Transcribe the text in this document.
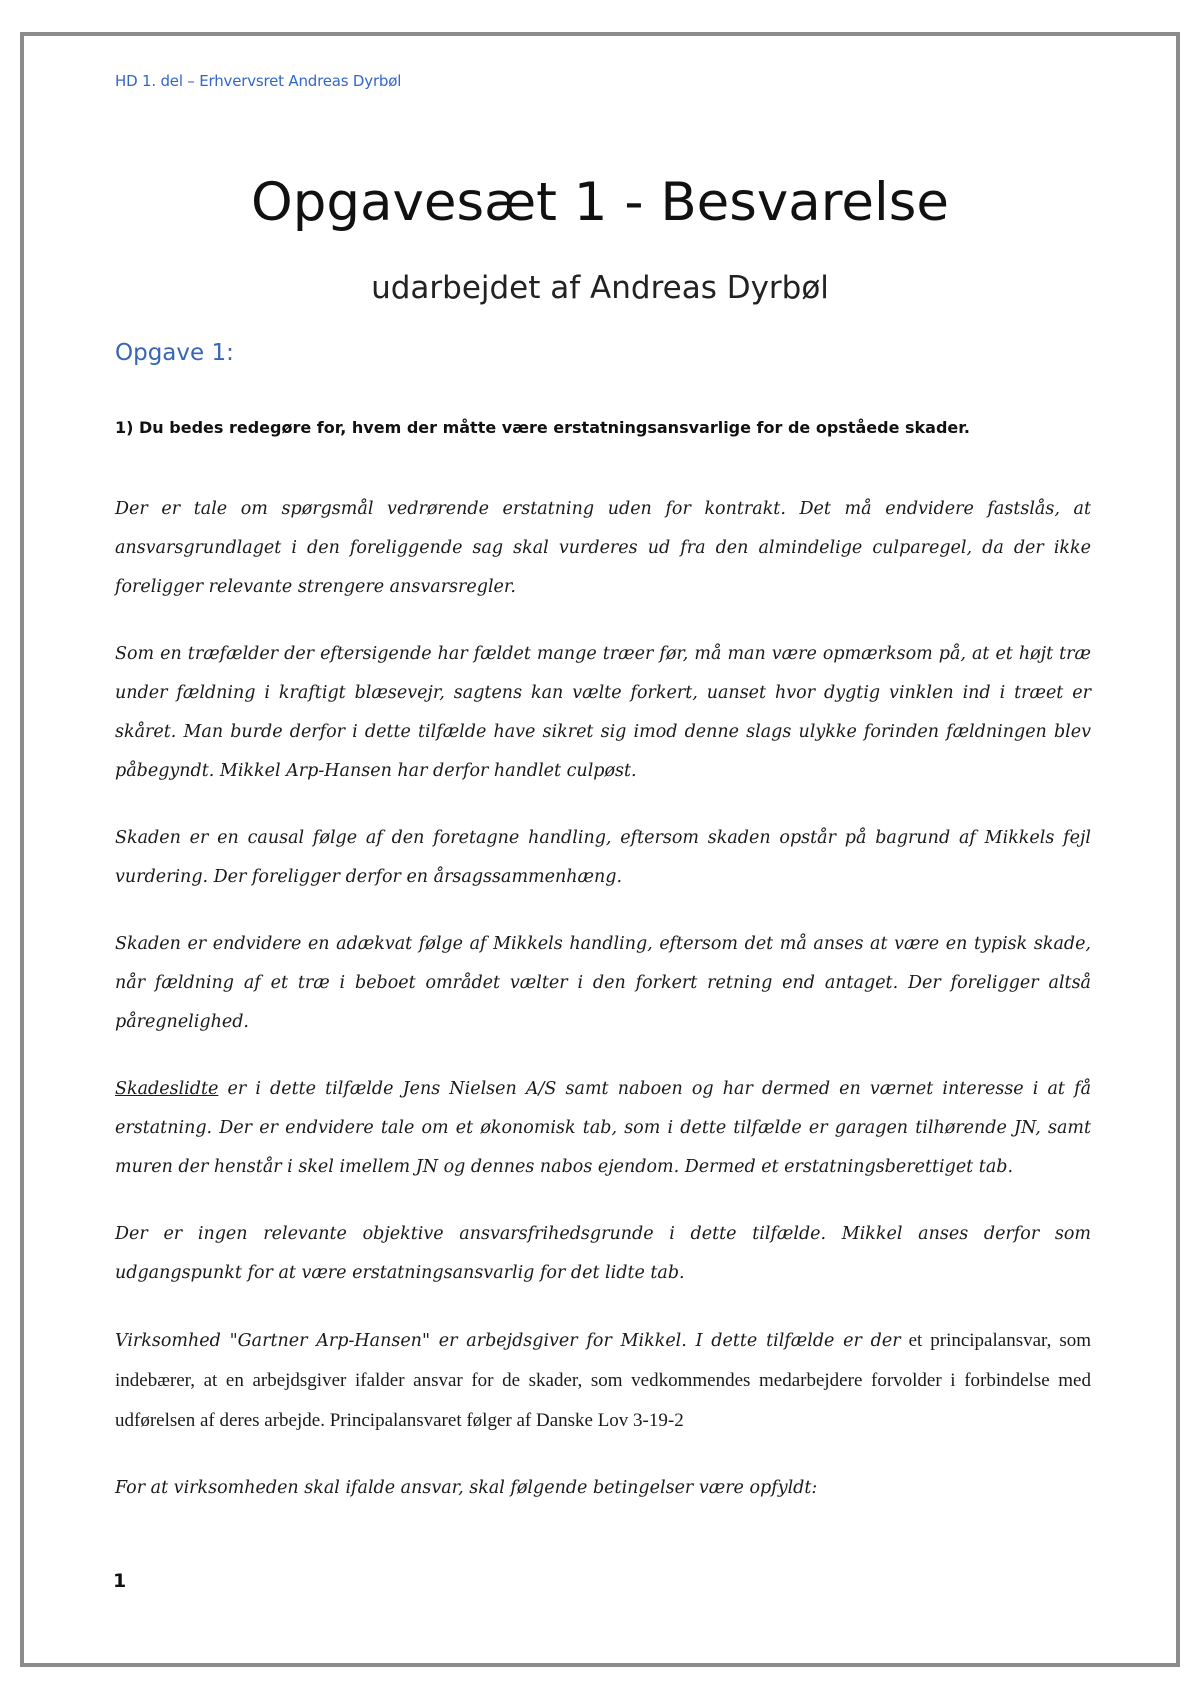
HD 1. del – Erhvervsret Andreas Dyrbøl
Opgavesæt 1 - Besvarelse
udarbejdet af Andreas Dyrbøl
Opgave 1:
1) Du bedes redegøre for, hvem der måtte være erstatningsansvarlige for de opståede skader.

Der er tale om spørgsmål vedrørende erstatning uden for kontrakt. Det må endvidere fastslås, at ansvarsgrundlaget i den foreliggende sag skal vurderes ud fra den almindelige culparegel, da der ikke foreligger relevante strengere ansvarsregler.

Som en træfælder der eftersigende har fældet mange træer før, må man være opmærksom på, at et højt træ under fældning i kraftigt blæsevejr, sagtens kan vælte forkert, uanset hvor dygtig vinklen ind i træet er skåret. Man burde derfor i dette tilfælde have sikret sig imod denne slags ulykke forinden fældningen blev påbegyndt. Mikkel Arp-Hansen har derfor handlet culpøst.

Skaden er en causal følge af den foretagne handling, eftersom skaden opstår på bagrund af Mikkels fejl vurdering. Der foreligger derfor en årsagssammenhæng.

Skaden er endvidere en adækvat følge af Mikkels handling, eftersom det må anses at være en typisk skade, når fældning af et træ i beboet området vælter i den forkert retning end antaget. Der foreligger altså påregnelighed.

Skadeslidte er i dette tilfælde Jens Nielsen A/S samt naboen og har dermed en værnet interesse i at få erstatning. Der er endvidere tale om et økonomisk tab, som i dette tilfælde er garagen tilhørende JN, samt muren der henstår i skel imellem JN og dennes nabos ejendom. Dermed et erstatningsberettiget tab.

Der er ingen relevante objektive ansvarsfrihedsgrunde i dette tilfælde. Mikkel anses derfor som udgangspunkt for at være erstatningsansvarlig for det lidte tab.

Virksomhed "Gartner Arp-Hansen" er arbejdsgiver for Mikkel. I dette tilfælde er der et principalansvar, som indebærer, at en arbejdsgiver ifalder ansvar for de skader, som vedkommendes medarbejdere forvolder i forbindelse med udførelsen af deres arbejde. Principalansvaret følger af Danske Lov 3-19-2

For at virksomheden skal ifalde ansvar, skal følgende betingelser være opfyldt:

1
